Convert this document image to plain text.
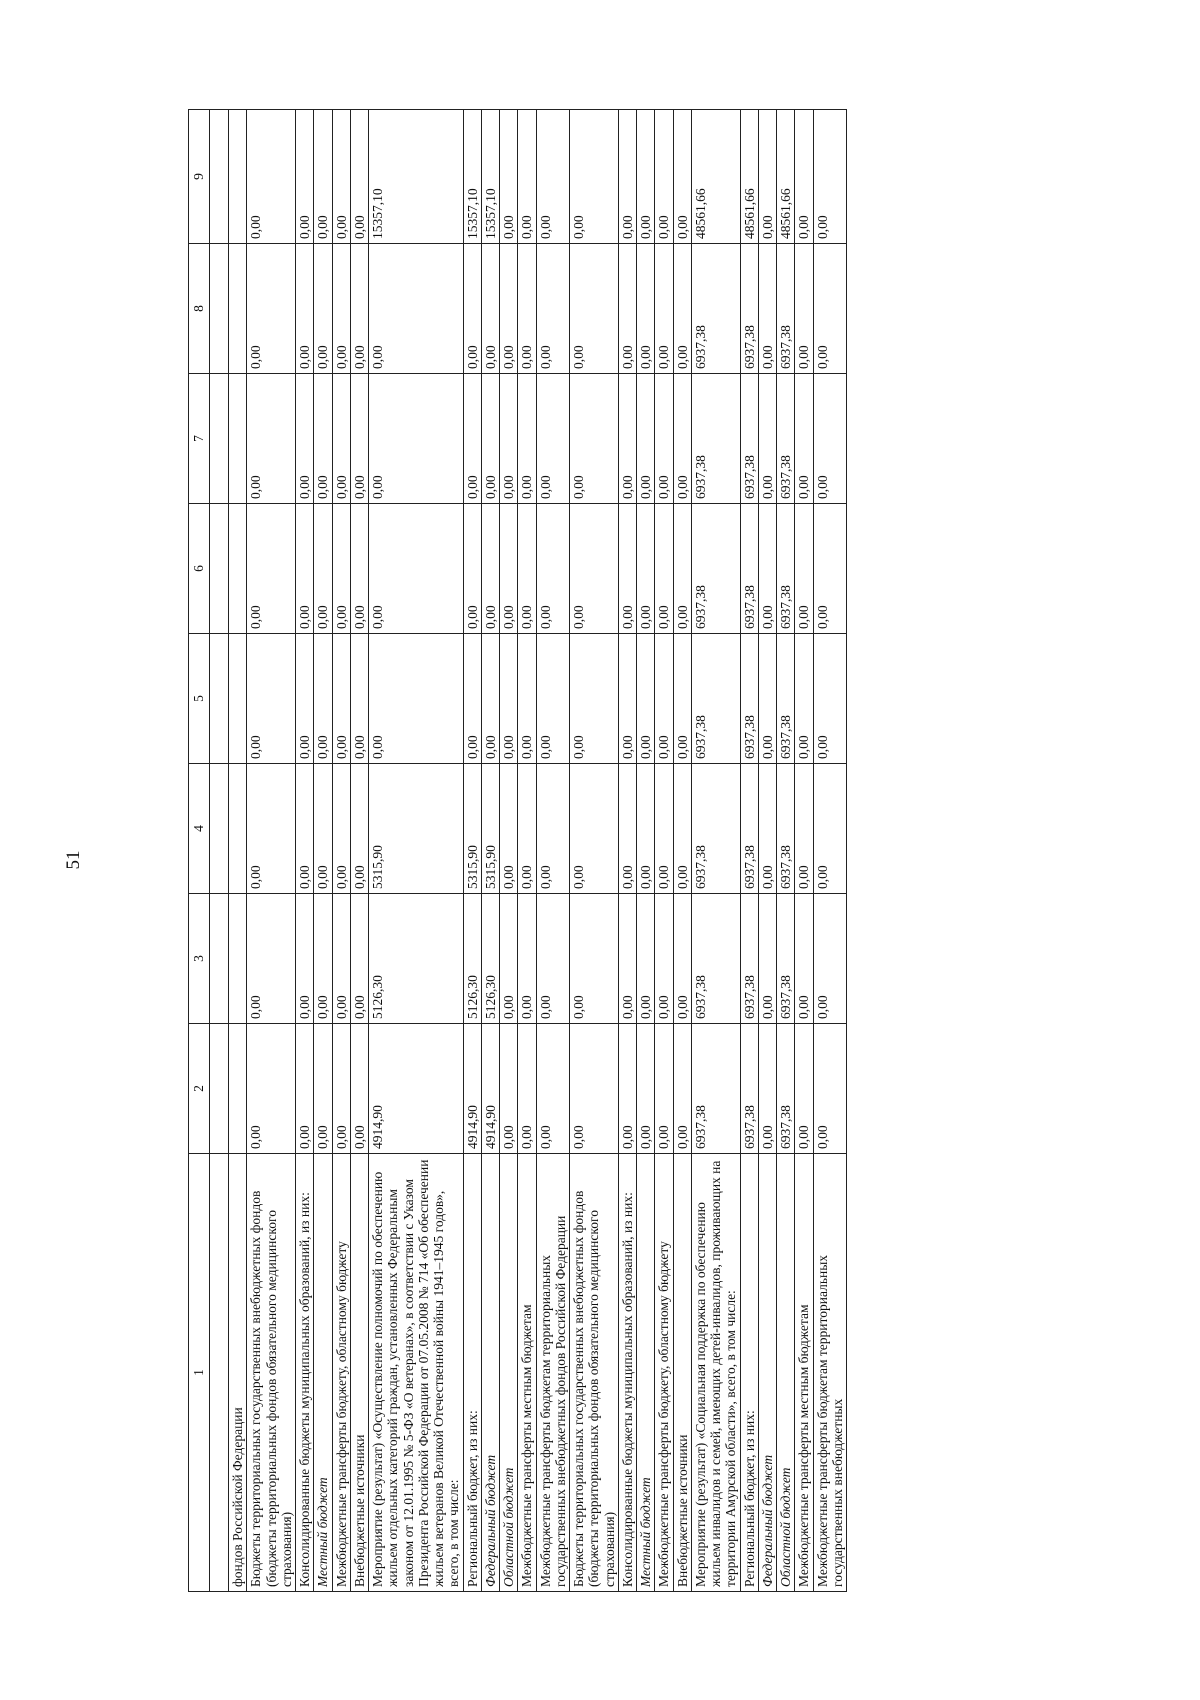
51
1	2	3	4	5	6	7	8	9

фондов Российской Федерации								
Бюджеты территориальных государственных внебюджетных фондов (бюджеты территориальных фондов обязательного медицинского страхования)	0,00	0,00	0,00	0,00	0,00	0,00	0,00	0,00
Консолидированные бюджеты муниципальных образований, из них:	0,00	0,00	0,00	0,00	0,00	0,00	0,00	0,00
Местный бюджет	0,00	0,00	0,00	0,00	0,00	0,00	0,00	0,00
Межбюджетные трансферты бюджету, областному бюджету	0,00	0,00	0,00	0,00	0,00	0,00	0,00	0,00
Внебюджетные источники	0,00	0,00	0,00	0,00	0,00	0,00	0,00	0,00
Мероприятие (результат) «Осуществление полномочий по обеспечению жильем отдельных категорий граждан, установленных Федеральным законом от 12.01.1995 № 5-ФЗ «О ветеранах», в соответствии с Указом Президента Российской Федерации от 07.05.2008 № 714 «Об обеспечении жильем ветеранов Великой Отечественной войны 1941–1945 годов», всего, в том числе:	4914,90	5126,30	5315,90	0,00	0,00	0,00	0,00	15357,10
Региональный бюджет, из них:	4914,90	5126,30	5315,90	0,00	0,00	0,00	0,00	15357,10
Федеральный бюджет	4914,90	5126,30	5315,90	0,00	0,00	0,00	0,00	15357,10
Областной бюджет	0,00	0,00	0,00	0,00	0,00	0,00	0,00	0,00
Межбюджетные трансферты местным бюджетам	0,00	0,00	0,00	0,00	0,00	0,00	0,00	0,00
Межбюджетные трансферты бюджетам территориальных государственных внебюджетных фондов Российской Федерации	0,00	0,00	0,00	0,00	0,00	0,00	0,00	0,00
Бюджеты территориальных государственных внебюджетных фондов (бюджеты территориальных фондов обязательного медицинского страхования)	0,00	0,00	0,00	0,00	0,00	0,00	0,00	0,00
Консолидированные бюджеты муниципальных образований, из них:	0,00	0,00	0,00	0,00	0,00	0,00	0,00	0,00
Местный бюджет	0,00	0,00	0,00	0,00	0,00	0,00	0,00	0,00
Межбюджетные трансферты бюджету, областному бюджету	0,00	0,00	0,00	0,00	0,00	0,00	0,00	0,00
Внебюджетные источники	0,00	0,00	0,00	0,00	0,00	0,00	0,00	0,00
Мероприятие (результат) «Социальная поддержка по обеспечению жильем инвалидов и семей, имеющих детей-инвалидов, проживающих на территории Амурской области», всего, в том числе:	6937,38	6937,38	6937,38	6937,38	6937,38	6937,38	6937,38	48561,66
Региональный бюджет, из них:	6937,38	6937,38	6937,38	6937,38	6937,38	6937,38	6937,38	48561,66
Федеральный бюджет	0,00	0,00	0,00	0,00	0,00	0,00	0,00	0,00
Областной бюджет	6937,38	6937,38	6937,38	6937,38	6937,38	6937,38	6937,38	48561,66
Межбюджетные трансферты местным бюджетам	0,00	0,00	0,00	0,00	0,00	0,00	0,00	0,00
Межбюджетные трансферты бюджетам территориальных государственных внебюджетных	0,00	0,00	0,00	0,00	0,00	0,00	0,00	0,00
